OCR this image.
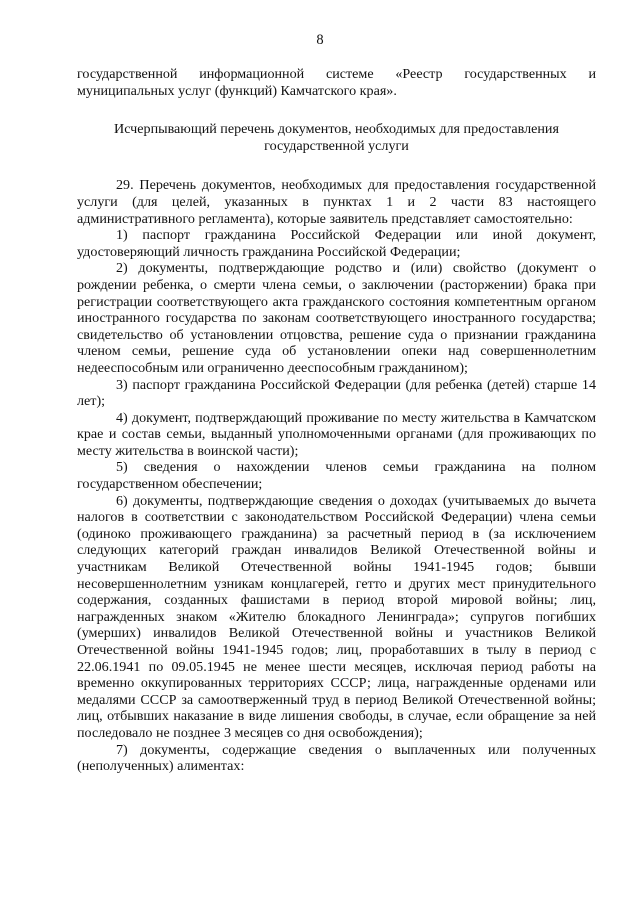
8

государственной информационной системе «Реестр государственных и муниципальных услуг (функций) Камчатского края».

Исчерпывающий перечень документов, необходимых для предоставления
государственной услуги

29. Перечень документов, необходимых для предоставления государственной услуги (для целей, указанных в пунктах 1 и 2 части 83 настоящего административного регламента), которые заявитель представляет самостоятельно:

1) паспорт гражданина Российской Федерации или иной документ, удостоверяющий личность гражданина Российской Федерации;

2) документы, подтверждающие родство и (или) свойство (документ о рождении ребенка, о смерти члена семьи, о заключении (расторжении) брака при регистрации соответствующего акта гражданского состояния компетентным органом иностранного государства по законам соответствующего иностранного государства; свидетельство об установлении отцовства, решение суда о признании гражданина членом семьи, решение суда об установлении опеки над совершеннолетним недееспособным или ограниченно дееспособным гражданином);

3) паспорт гражданина Российской Федерации (для ребенка (детей) старше 14 лет);

4) документ, подтверждающий проживание по месту жительства в Камчатском крае и состав семьи, выданный уполномоченными органами (для проживающих по месту жительства в воинской части);

5) сведения о нахождении членов семьи гражданина на полном государственном обеспечении;

6) документы, подтверждающие сведения о доходах (учитываемых до вычета налогов в соответствии с законодательством Российской Федерации) члена семьи (одиноко проживающего гражданина) за расчетный период в (за исключением следующих категорий граждан инвалидов Великой Отечественной войны и участникам Великой Отечественной войны 1941-1945 годов; бывши несовершеннолетним узникам концлагерей, гетто и других мест принудительного содержания, созданных фашистами в период второй мировой войны; лиц, награжденных знаком «Жителю блокадного Ленинграда»; супругов погибших (умерших) инвалидов Великой Отечественной войны и участников Великой Отечественной войны 1941-1945 годов; лиц, проработавших в тылу в период с 22.06.1941 по 09.05.1945 не менее шести месяцев, исключая период работы на временно оккупированных территориях СССР; лица, награжденные орденами или медалями СССР за самоотверженный труд в период Великой Отечественной войны; лиц, отбывших наказание в виде лишения свободы, в случае, если обращение за ней последовало не позднее 3 месяцев со дня освобождения);

7) документы, содержащие сведения о выплаченных или полученных (неполученных) алиментах:
